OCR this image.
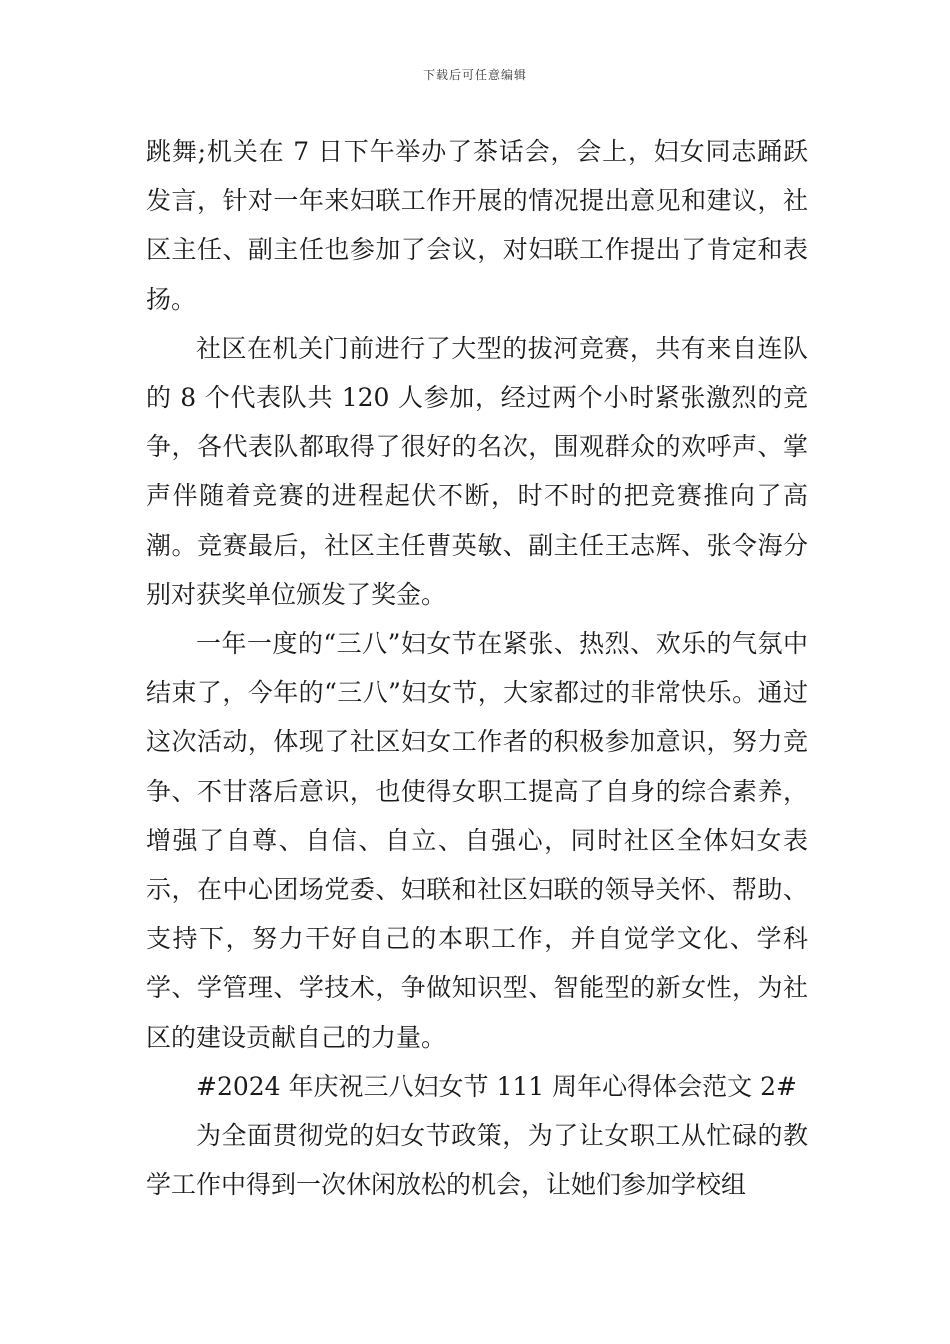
下载后可任意编辑

跳舞;机关在 7 日下午举办了茶话会，会上，妇女同志踊跃发言，针对一年来妇联工作开展的情况提出意见和建议，社区主任、副主任也参加了会议，对妇联工作提出了肯定和表扬。

社区在机关门前进行了大型的拔河竞赛，共有来自连队的 8 个代表队共 120 人参加，经过两个小时紧张激烈的竞争，各代表队都取得了很好的名次，围观群众的欢呼声、掌声伴随着竞赛的进程起伏不断，时不时的把竞赛推向了高潮。竞赛最后，社区主任曹英敏、副主任王志辉、张令海分别对获奖单位颁发了奖金。

一年一度的“三八”妇女节在紧张、热烈、欢乐的气氛中结束了，今年的“三八”妇女节，大家都过的非常快乐。通过这次活动，体现了社区妇女工作者的积极参加意识，努力竞争、不甘落后意识，也使得女职工提高了自身的综合素养，增强了自尊、自信、自立、自强心，同时社区全体妇女表示，在中心团场党委、妇联和社区妇联的领导关怀、帮助、支持下，努力干好自己的本职工作，并自觉学文化、学科学、学管理、学技术，争做知识型、智能型的新女性，为社区的建设贡献自己的力量。

#2024 年庆祝三八妇女节 111 周年心得体会范文 2#

为全面贯彻党的妇女节政策，为了让女职工从忙碌的教学工作中得到一次休闲放松的机会，让她们参加学校组
